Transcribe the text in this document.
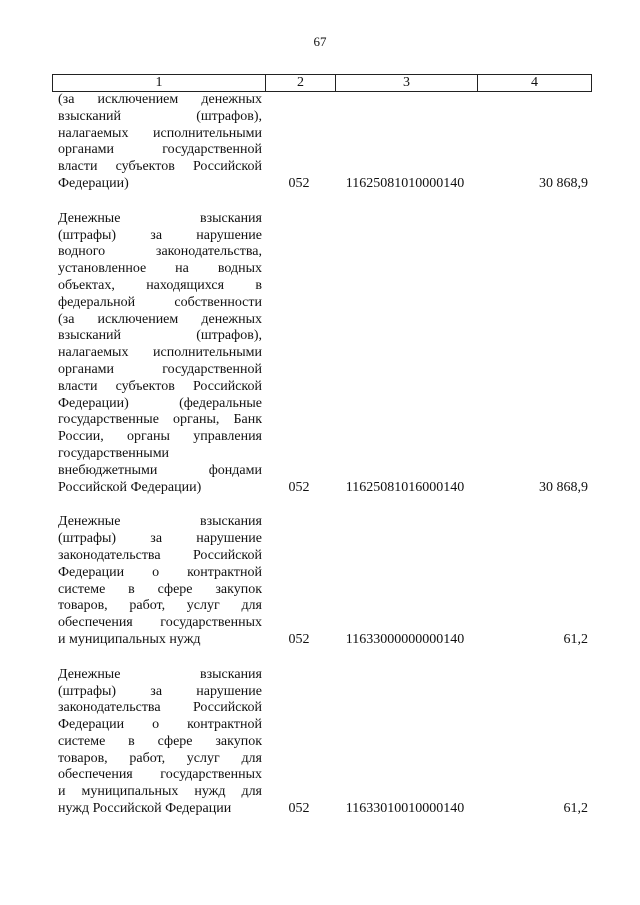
67
1	2	3	4
(за исключением денежных
взысканий (штрафов),
налагаемых исполнительными
органами государственной
власти субъектов Российской
Федерации)	052	11625081010000140	30 868,9
Денежные взыскания
(штрафы) за нарушение
водного законодательства,
установленное на водных
объектах, находящихся в
федеральной собственности
(за исключением денежных
взысканий (штрафов),
налагаемых исполнительными
органами государственной
власти субъектов Российской
Федерации) (федеральные
государственные органы, Банк
России, органы управления
государственными
внебюджетными фондами
Российской Федерации)	052	11625081016000140	30 868,9
Денежные взыскания
(штрафы) за нарушение
законодательства Российской
Федерации о контрактной
системе в сфере закупок
товаров, работ, услуг для
обеспечения государственных
и муниципальных нужд	052	11633000000000140	61,2
Денежные взыскания
(штрафы) за нарушение
законодательства Российской
Федерации о контрактной
системе в сфере закупок
товаров, работ, услуг для
обеспечения государственных
и муниципальных нужд для
нужд Российской Федерации	052	11633010010000140	61,2
